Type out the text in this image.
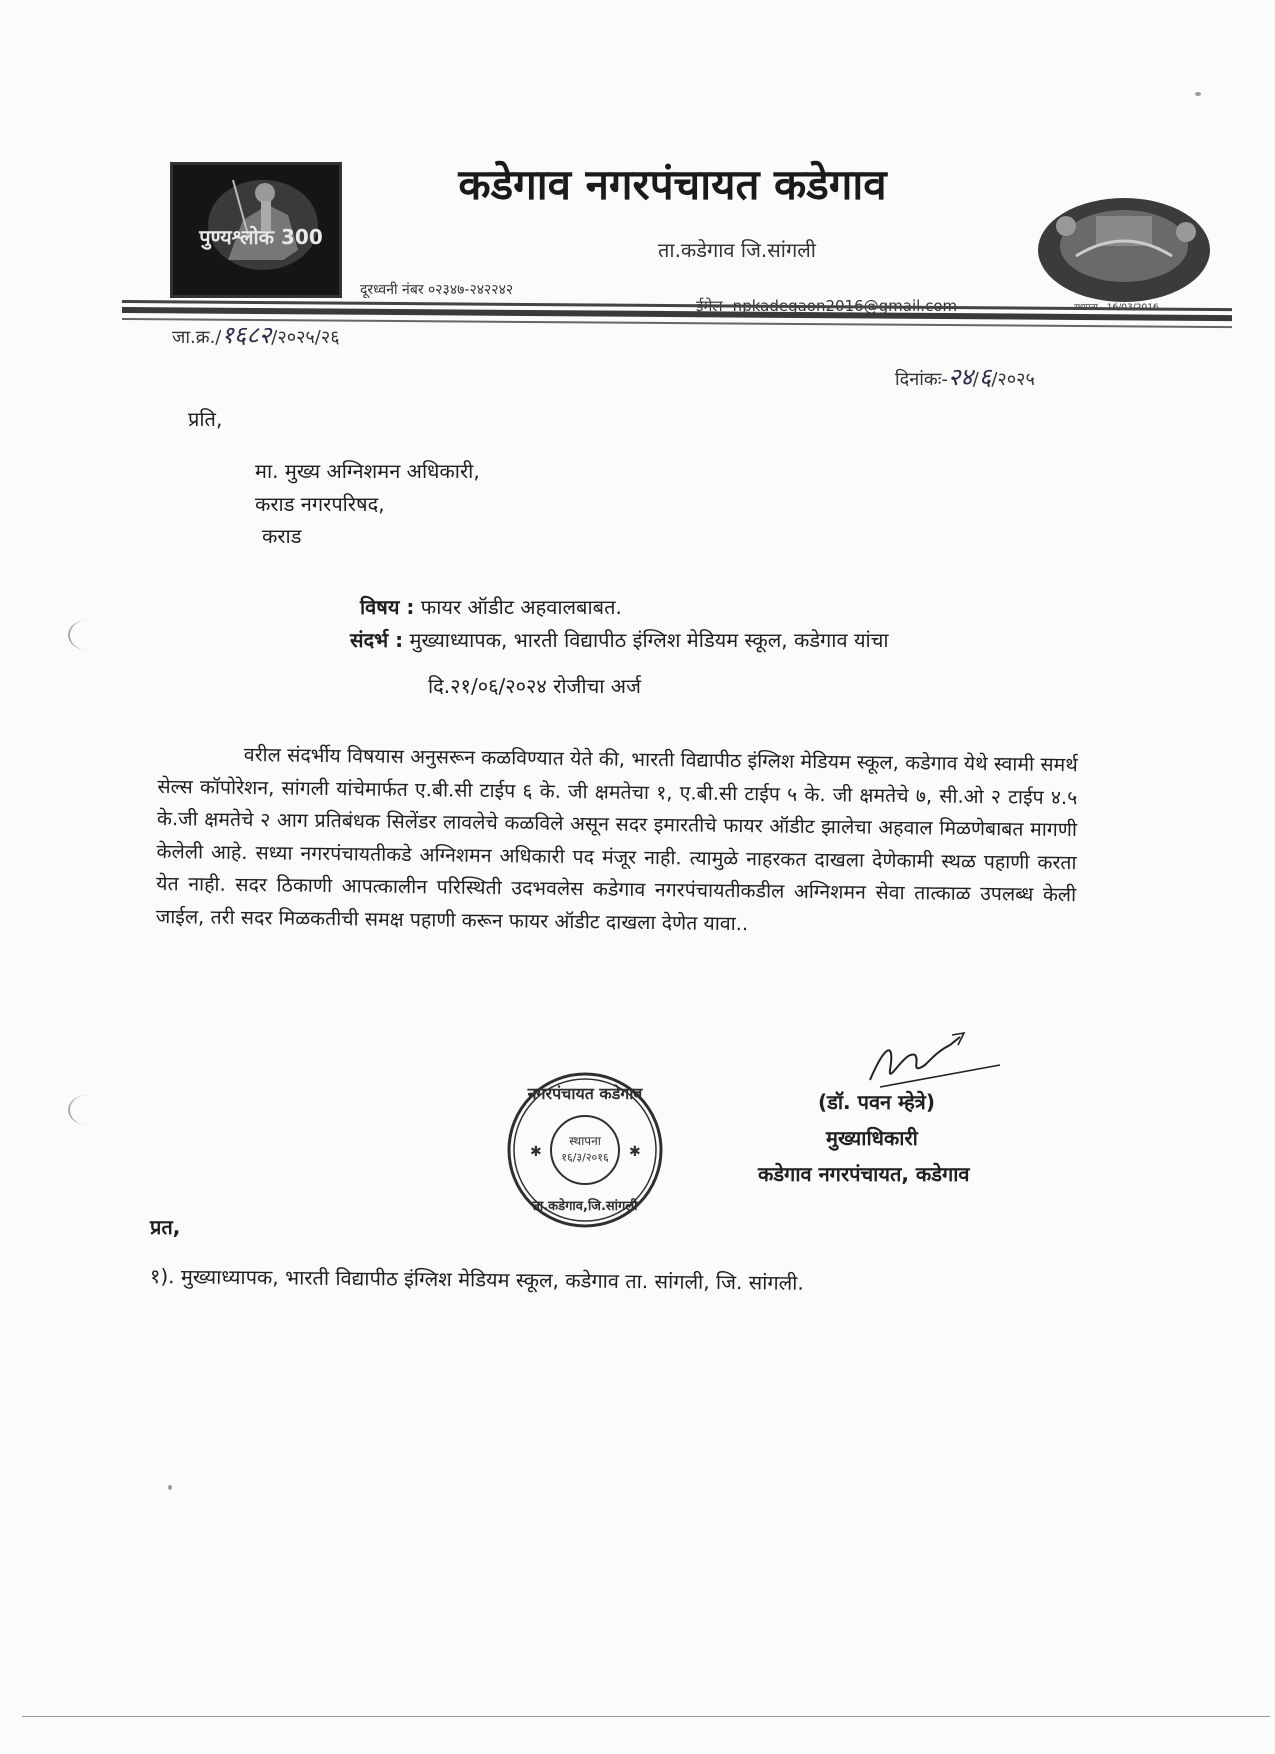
पुण्यश्लोक 300
कडेगाव नगरपंचायत कडेगाव
ता.कडेगाव जि.सांगली
दूरध्वनी नंबर ०२३४७-२४२२४२
जा.क्र./१६८२/२०२५/२६
दिनांकः-२४/६/२०२५
प्रति,
मा. मुख्य अग्निशमन अधिकारी,
कराड नगरपरिषद,
कराड
विषय : फायर ऑडीट अहवालबाबत.
संदर्भ : मुख्याध्यापक, भारती विद्यापीठ इंग्लिश मेडियम स्कूल, कडेगाव यांचा
दि.२१/०६/२०२४ रोजीचा अर्ज
वरील संदर्भीय विषयास अनुसरून कळविण्यात येते की, भारती विद्यापीठ इंग्लिश मेडियम स्कूल, कडेगाव येथे स्वामी समर्थ सेल्स कॉपोरेशन, सांगली यांचेमार्फत ए.बी.सी टाईप ६ के. जी क्षमतेचा १, ए.बी.सी टाईप ५ के. जी क्षमतेचे ७, सी.ओ २ टाईप ४.५ के.जी क्षमतेचे २ आग प्रतिबंधक सिलेंडर लावलेचे कळविले असून सदर इमारतीचे फायर ऑडीट झालेचा अहवाल मिळणेबाबत मागणी केलेली आहे. सध्या नगरपंचायतीकडे अग्निशमन अधिकारी पद मंजूर नाही. त्यामुळे नाहरकत दाखला देणेकामी स्थळ पहाणी करता येत नाही. सदर ठिकाणी आपत्कालीन परिस्थिती उदभवलेस कडेगाव नगरपंचायतीकडील अग्निशमन सेवा तात्काळ उपलब्ध केली जाईल, तरी सदर मिळकतीची समक्ष पहाणी करून फायर ऑडीट दाखला देणेत यावा..
✱	✱
नगरपंचायत कडेगाव
ता.कडेगाव,जि.सांगली
स्थापना
१६/३/२०१६
(डॉ. पवन म्हेत्रे)
मुख्याधिकारी
कडेगाव नगरपंचायत, कडेगाव
प्रत,
१). मुख्याध्यापक, भारती विद्यापीठ इंग्लिश मेडियम स्कूल, कडेगाव ता. सांगली, जि. सांगली.
